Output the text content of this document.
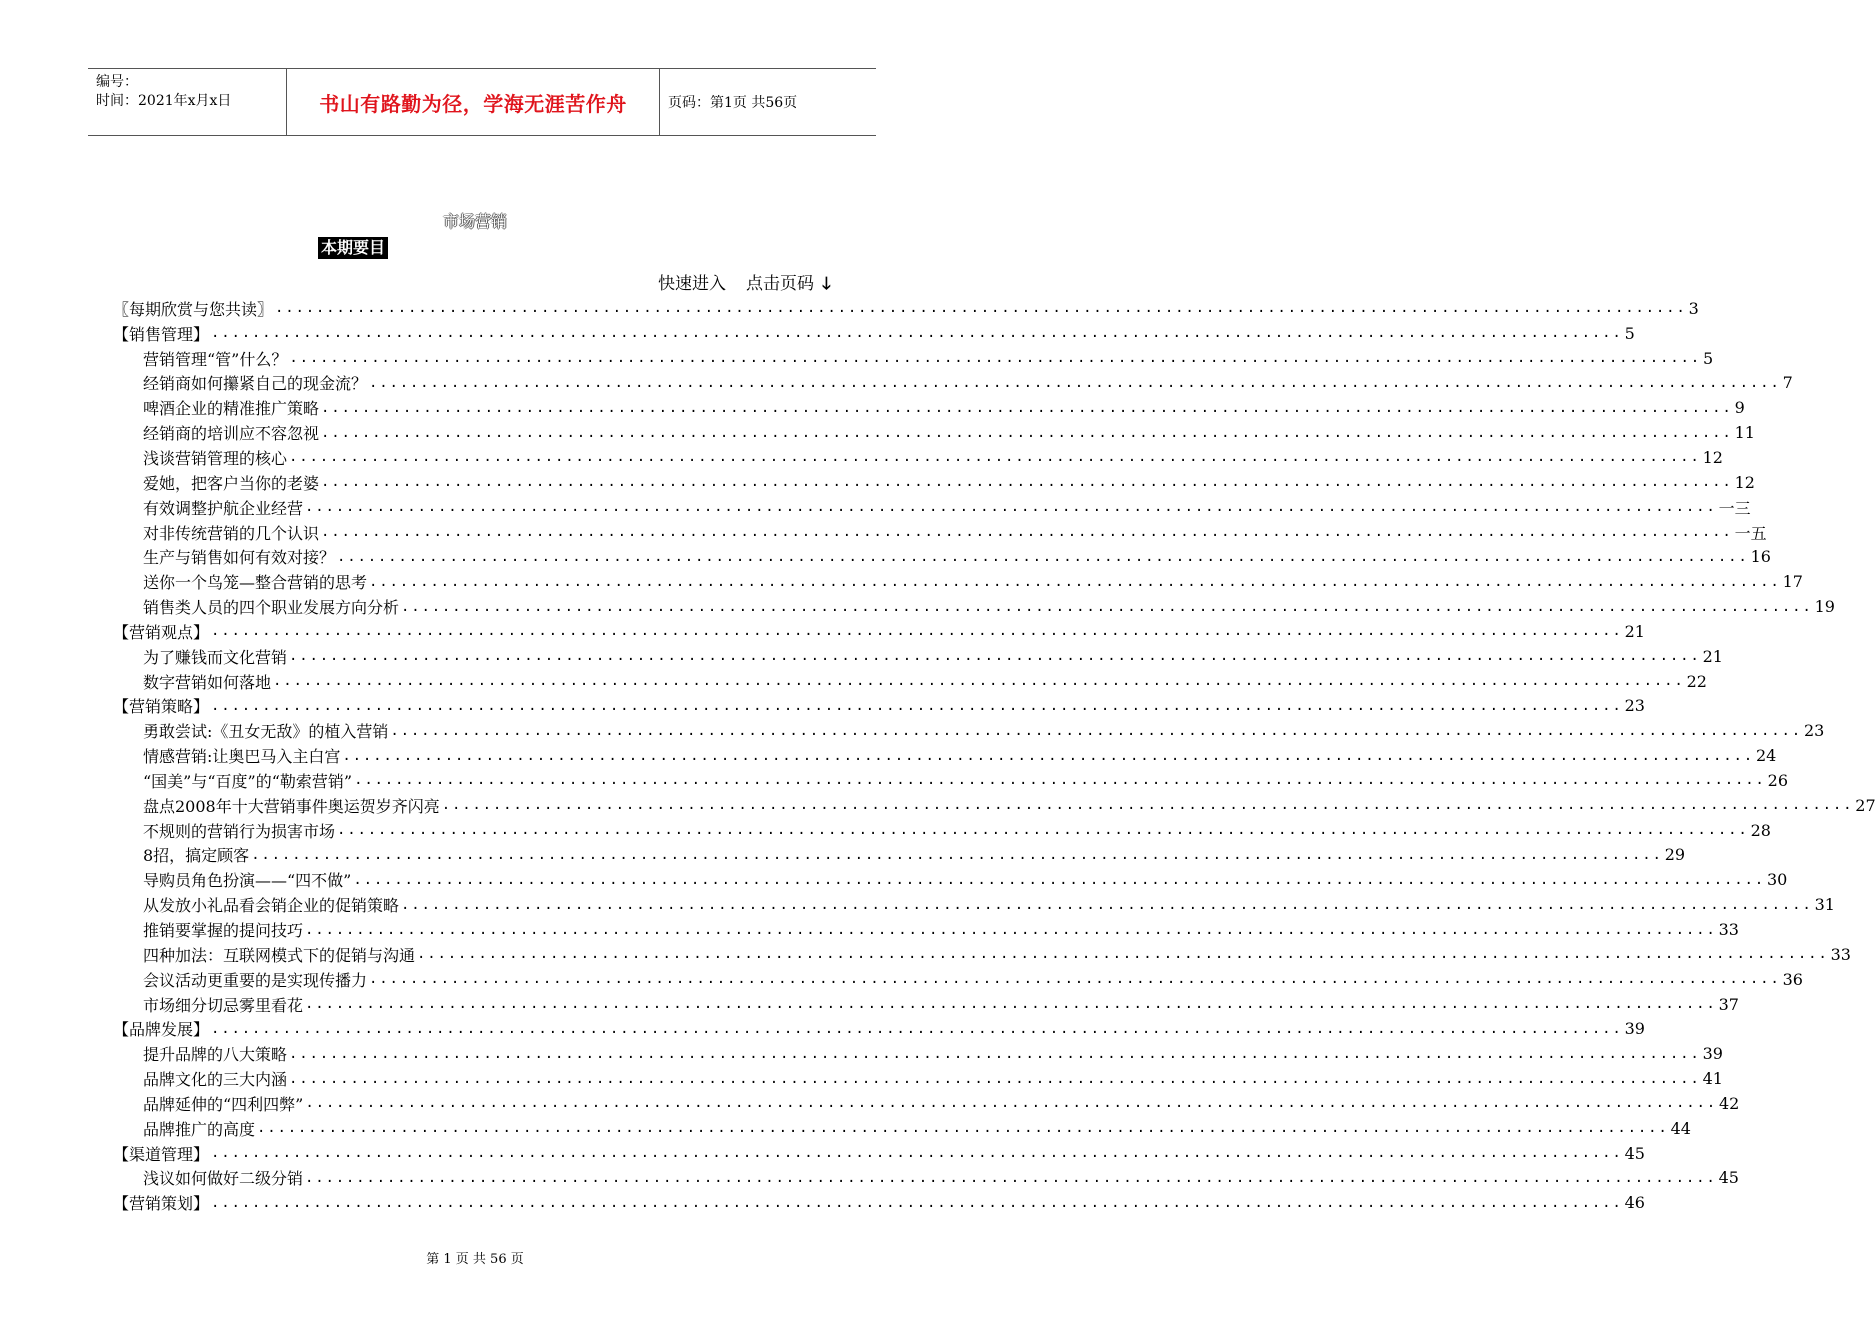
编号：
时间：2021年x月x日	书山有路勤为径，学海无涯苦作舟	页码：第1页 共56页
市场营销
本期要目
快速进入 点击页码 🡓
〖每期欣赏与您共读〗 .......................................................................................................................................... 3
【销售管理】 .......................................................................................................................................... 5
营销管理“管”什么？ .......................................................................................................................................... 5
经销商如何攥紧自己的现金流？ .......................................................................................................................................... 7
啤酒企业的精准推广策略 .......................................................................................................................................... 9
经销商的培训应不容忽视 .......................................................................................................................................... 11
浅谈营销管理的核心 .......................................................................................................................................... 12
爱她，把客户当你的老婆 .......................................................................................................................................... 12
有效调整护航企业经营 .......................................................................................................................................... 一三
对非传统营销的几个认识 .......................................................................................................................................... 一五
生产与销售如何有效对接？ .......................................................................................................................................... 16
送你一个鸟笼—整合营销的思考 .......................................................................................................................................... 17
销售类人员的四个职业发展方向分析 .......................................................................................................................................... 19
【营销观点】 .......................................................................................................................................... 21
为了赚钱而文化营销 .......................................................................................................................................... 21
数字营销如何落地 .......................................................................................................................................... 22
【营销策略】 .......................................................................................................................................... 23
勇敢尝试:《丑女无敌》的植入营销 .......................................................................................................................................... 23
情感营销:让奥巴马入主白宫 .......................................................................................................................................... 24
“国美”与“百度”的“勒索营销” .......................................................................................................................................... 26
盘点2008年十大营销事件奥运贺岁齐闪亮 .......................................................................................................................................... 27
不规则的营销行为损害市场 .......................................................................................................................................... 28
8招，搞定顾客 .......................................................................................................................................... 29
导购员角色扮演——“四不做” .......................................................................................................................................... 30
从发放小礼品看会销企业的促销策略 .......................................................................................................................................... 31
推销要掌握的提问技巧 .......................................................................................................................................... 33
四种加法：互联网模式下的促销与沟通 .......................................................................................................................................... 33
会议活动更重要的是实现传播力 .......................................................................................................................................... 36
市场细分切忌雾里看花 .......................................................................................................................................... 37
【品牌发展】 .......................................................................................................................................... 39
提升品牌的八大策略 .......................................................................................................................................... 39
品牌文化的三大内涵 .......................................................................................................................................... 41
品牌延伸的“四利四弊” .......................................................................................................................................... 42
品牌推广的高度 .......................................................................................................................................... 44
【渠道管理】 .......................................................................................................................................... 45
浅议如何做好二级分销 .......................................................................................................................................... 45
【营销策划】 .......................................................................................................................................... 46
第 1 页 共 56 页
